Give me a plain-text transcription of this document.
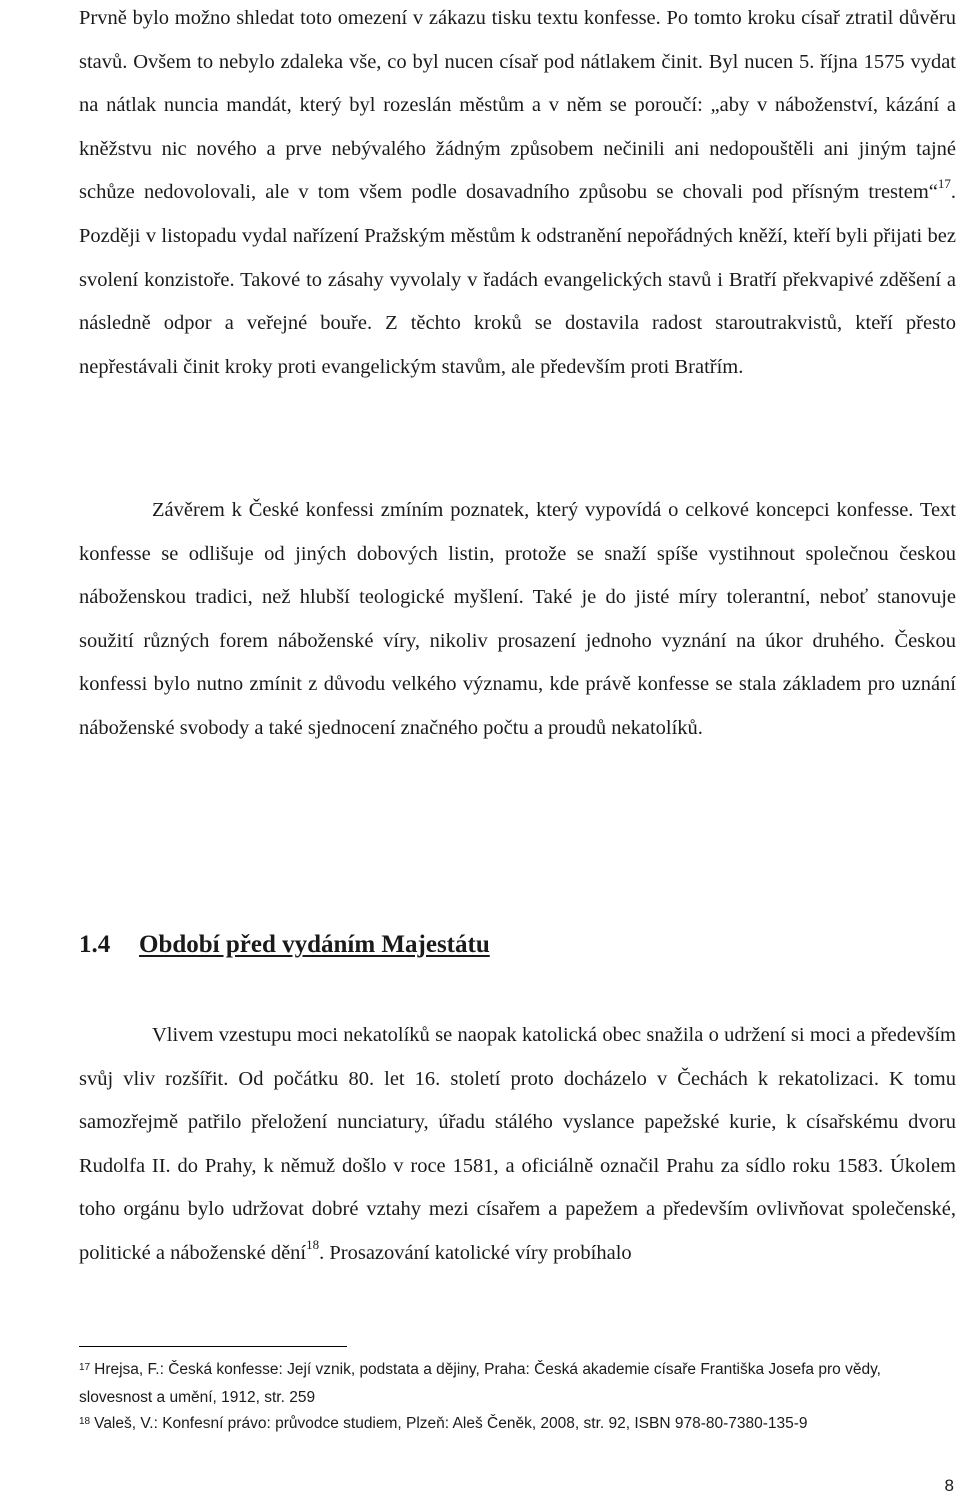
Prvně bylo možno shledat toto omezení v zákazu tisku textu konfesse. Po tomto kroku císař ztratil důvěru stavů. Ovšem to nebylo zdaleka vše, co byl nucen císař pod nátlakem činit. Byl nucen 5. října 1575 vydat na nátlak nuncia mandát, který byl rozeslán městům a v něm se poroučí: „aby v náboženství, kázání a kněžstvu nic nového a prve nebývalého žádným způsobem nečinili ani nedopouštěli ani jiným tajné schůze nedovolovali, ale v tom všem podle dosavadního způsobu se chovali pod přísným trestem“$^{17}$. Později v listopadu vydal nařízení Pražským městům k odstranění nepořádných kněží, kteří byli přijati bez svolení konzistoře. Takové to zásahy vyvolaly v řadách evangelických stavů i Bratří překvapivé zděšení a následně odpor a veřejné bouře. Z těchto kroků se dostavila radost staroutrakvistů, kteří přesto nepřestávali činit kroky proti evangelickým stavům, ale především proti Bratřím.

Závěrem k České konfessi zmíním poznatek, který vypovídá o celkové koncepci konfesse. Text konfesse se odlišuje od jiných dobových listin, protože se snaží spíše vystihnout společnou českou náboženskou tradici, než hlubší teologické myšlení. Také je do jisté míry tolerantní, neboť stanovuje soužití různých forem náboženské víry, nikoliv prosazení jednoho vyznání na úkor druhého. Českou konfessi bylo nutno zmínit z důvodu velkého významu, kde právě konfesse se stala základem pro uznání náboženské svobody a také sjednocení značného počtu a proudů nekatolíků.

1.4 Období před vydáním Majestátu

Vlivem vzestupu moci nekatolíků se naopak katolická obec snažila o udržení si moci a především svůj vliv rozšířit. Od počátku 80. let 16. století proto docházelo v Čechách k rekatolizaci. K tomu samozřejmě patřilo přeložení nunciatury, úřadu stálého vyslance papežské kurie, k císařskému dvoru Rudolfa II. do Prahy, k němuž došlo v roce 1581, a oficiálně označil Prahu za sídlo roku 1583. Úkolem toho orgánu bylo udržovat dobré vztahy mezi císařem a papežem a především ovlivňovat společenské, politické a náboženské dění$^{18}$. Prosazování katolické víry probíhalo

$^{17}$ Hrejsa, F.: Česká konfesse: Její vznik, podstata a dějiny, Praha: Česká akademie císaře Františka Josefa pro vědy, slovesnost a umění, 1912, str. 259

$^{18}$ Valeš, V.: Konfesní právo: průvodce studiem, Plzeň: Aleš Čeněk, 2008, str. 92, ISBN 978-80-7380-135-9

8
